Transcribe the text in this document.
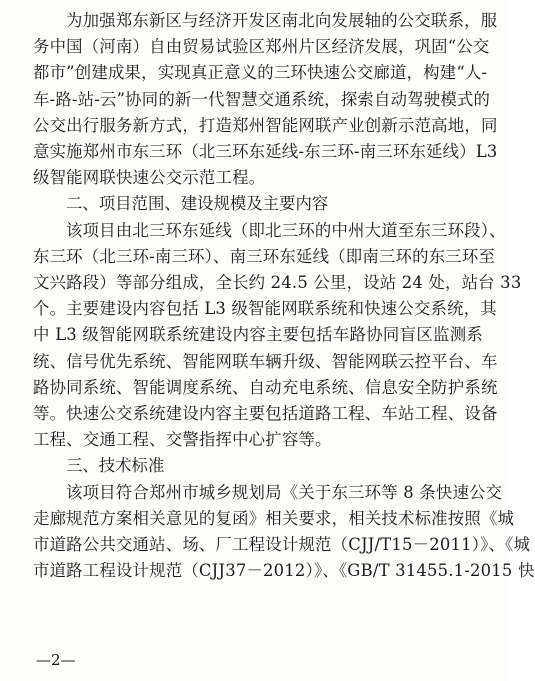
为加强郑东新区与经济开发区南北向发展轴的公交联系，服
务中国（河南）自由贸易试验区郑州片区经济发展，巩固“公交
都市”创建成果，实现真正意义的三环快速公交廊道，构建“人-
车-路-站-云”协同的新一代智慧交通系统，探索自动驾驶模式的
公交出行服务新方式，打造郑州智能网联产业创新示范高地，同
意实施郑州市东三环（北三环东延线-东三环-南三环东延线）L3
级智能网联快速公交示范工程。

二、项目范围、建设规模及主要内容

该项目由北三环东延线（即北三环的中州大道至东三环段）、
东三环（北三环-南三环）、南三环东延线（即南三环的东三环至
文兴路段）等部分组成，全长约 24.5 公里，设站 24 处，站台 33
个。主要建设内容包括 L3 级智能网联系统和快速公交系统，其
中 L3 级智能网联系统建设内容主要包括车路协同盲区监测系
统、信号优先系统、智能网联车辆升级、智能网联云控平台、车
路协同系统、智能调度系统、自动充电系统、信息安全防护系统
等。快速公交系统建设内容主要包括道路工程、车站工程、设备
工程、交通工程、交警指挥中心扩容等。

三、技术标准

该项目符合郑州市城乡规划局《关于东三环等 8 条快速公交
走廊规范方案相关意见的复函》相关要求，相关技术标准按照《城
市道路公共交通站、场、厂工程设计规范（CJJ/T15－2011）》、《城
市道路工程设计规范（CJJ37－2012）》、《GB/T 31455.1-2015 快

—2—
